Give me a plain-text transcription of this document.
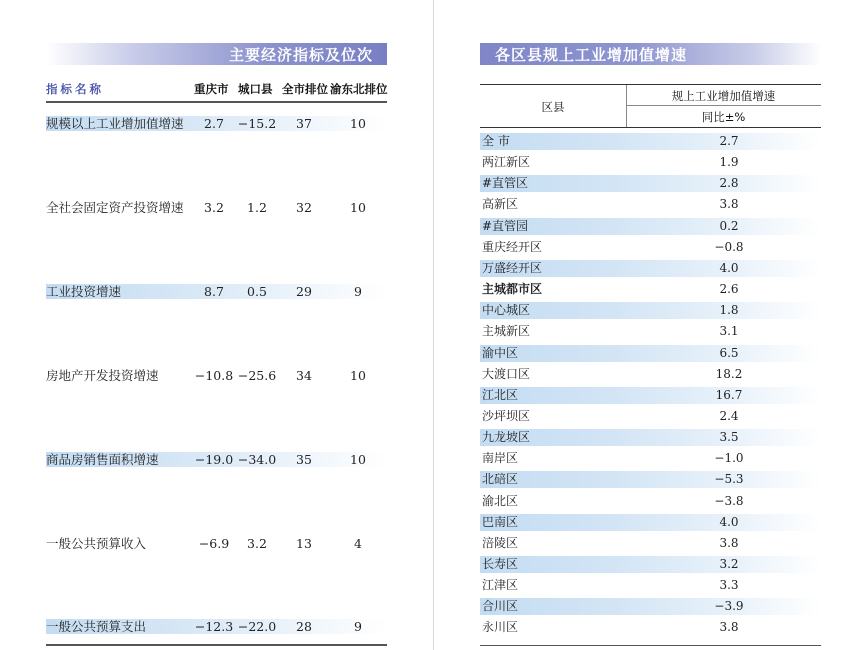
主要经济指标及位次
指标名称	重庆市 城口县 全市排位 渝东北排位
规模以上工业增加值增速	2.7	−15.2	37	10
全社会固定资产投资增速	3.2	1.2	32	10
工业投资增速	8.7	0.5	29	9
房地产开发投资增速	−10.8 −25.6	34	10
商品房销售面积增速	−19.0 −34.0	35	10
一般公共预算收入	−6.9	3.2	13	4
一般公共预算支出	−12.3 −22.0	28	9
各区县规上工业增加值增速
区县
规上工业增加值增速
同比±%
全 市	2.7
两江新区	1.9
#直管区	2.8
高新区	3.8
#直管园	0.2
重庆经开区	−0.8
万盛经开区	4.0
主城都市区	2.6
中心城区	1.8
主城新区	3.1
渝中区	6.5
大渡口区	18.2
江北区	16.7
沙坪坝区	2.4
九龙坡区	3.5
南岸区	−1.0
北碚区	−5.3
渝北区	−3.8
巴南区	4.0
涪陵区	3.8
长寿区	3.2
江津区	3.3
合川区	−3.9
永川区	3.8
